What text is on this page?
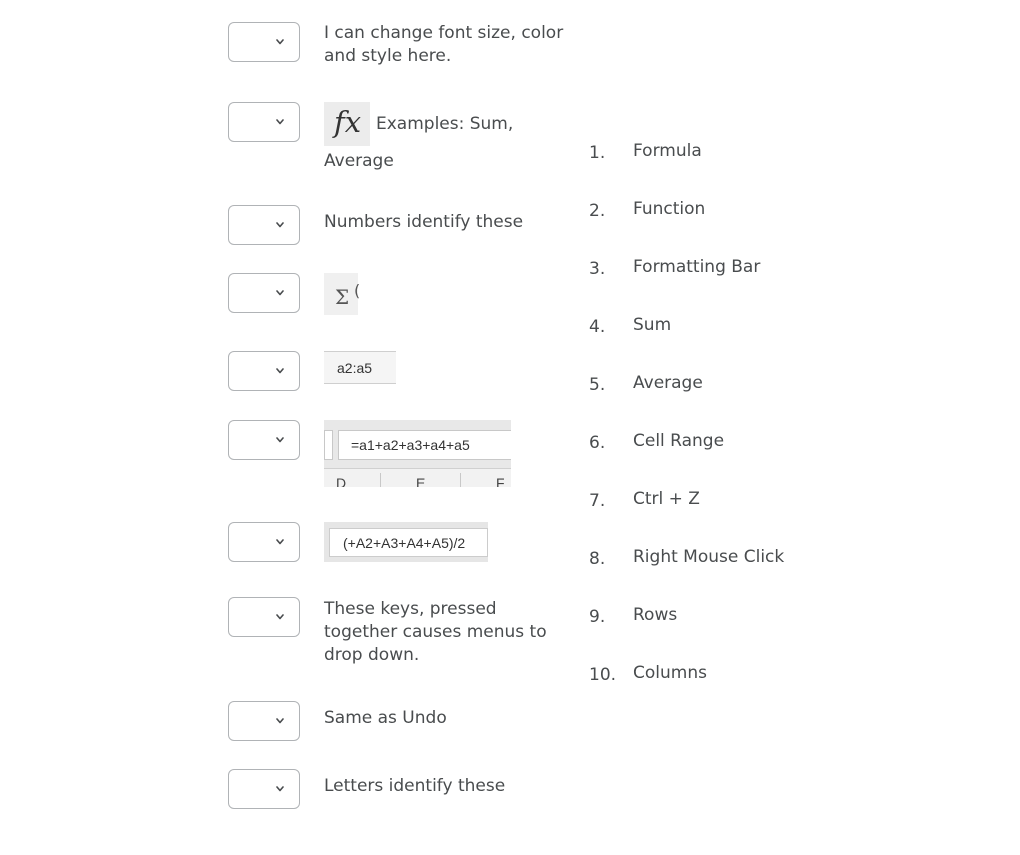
I can change font size, color and style here.
fx Examples: Sum,
Average
Numbers identify these
Σ (
a2:a5
=a1+a2+a3+a4+a5
D	E	F
(+A2+A3+A4+A5)/2
These keys, pressed together causes menus to drop down.
Same as Undo
Letters identify these
1. Formula
2. Function
3. Formatting Bar
4. Sum
5. Average
6. Cell Range
7. Ctrl + Z
8. Right Mouse Click
9. Rows
10. Columns
